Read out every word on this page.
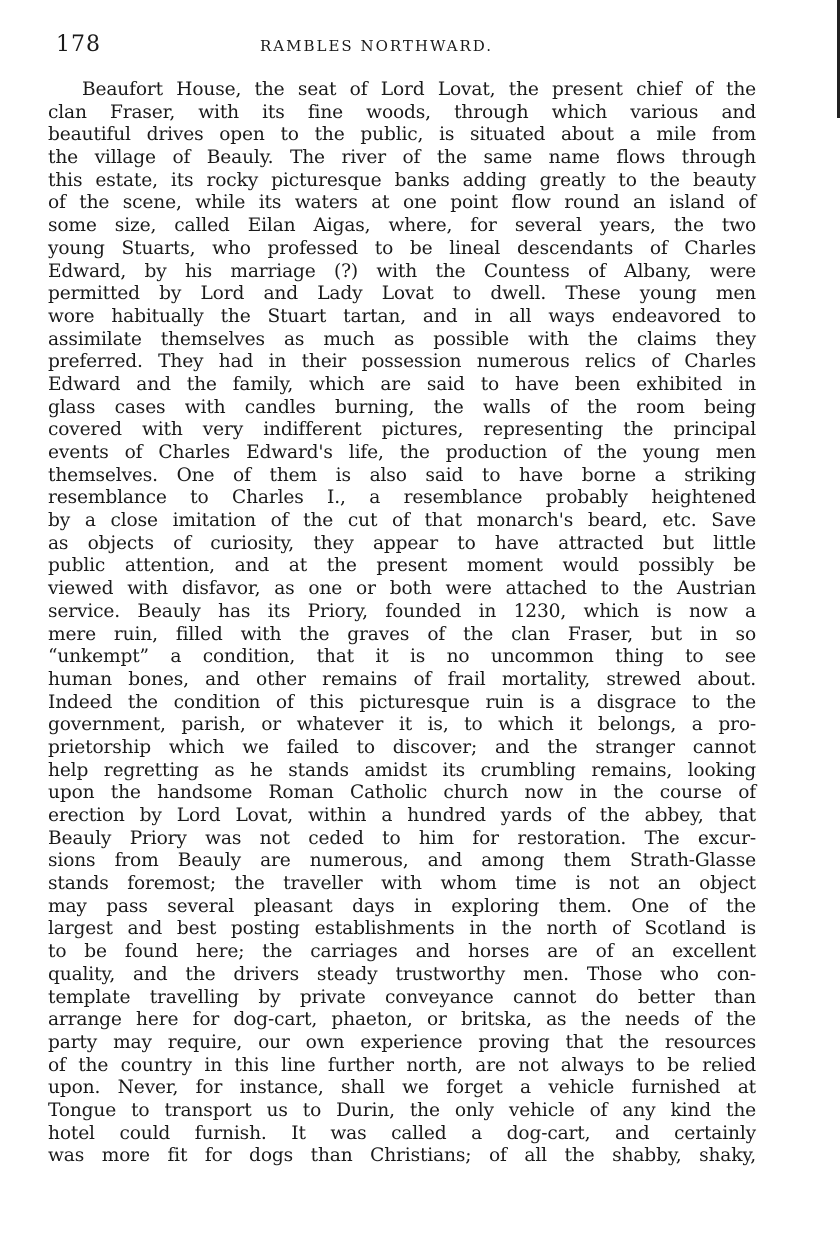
178	RAMBLES NORTHWARD.
Beaufort House, the seat of Lord Lovat, the present chief of the
clan Fraser, with its fine woods, through which various and
beautiful drives open to the public, is situated about a mile from
the village of Beauly. The river of the same name flows through
this estate, its rocky picturesque banks adding greatly to the beauty
of the scene, while its waters at one point flow round an island of
some size, called Eilan Aigas, where, for several years, the two
young Stuarts, who professed to be lineal descendants of Charles
Edward, by his marriage (?) with the Countess of Albany, were
permitted by Lord and Lady Lovat to dwell. These young men
wore habitually the Stuart tartan, and in all ways endeavored to
assimilate themselves as much as possible with the claims they
preferred. They had in their possession numerous relics of Charles
Edward and the family, which are said to have been exhibited in
glass cases with candles burning, the walls of the room being
covered with very indifferent pictures, representing the principal
events of Charles Edward's life, the production of the young men
themselves. One of them is also said to have borne a striking
resemblance to Charles I., a resemblance probably heightened
by a close imitation of the cut of that monarch's beard, etc. Save
as objects of curiosity, they appear to have attracted but little
public attention, and at the present moment would possibly be
viewed with disfavor, as one or both were attached to the Austrian
service. Beauly has its Priory, founded in 1230, which is now a
mere ruin, filled with the graves of the clan Fraser, but in so
“unkempt” a condition, that it is no uncommon thing to see
human bones, and other remains of frail mortality, strewed about.
Indeed the condition of this picturesque ruin is a disgrace to the
government, parish, or whatever it is, to which it belongs, a pro-
prietorship which we failed to discover; and the stranger cannot
help regretting as he stands amidst its crumbling remains, looking
upon the handsome Roman Catholic church now in the course of
erection by Lord Lovat, within a hundred yards of the abbey, that
Beauly Priory was not ceded to him for restoration. The excur-
sions from Beauly are numerous, and among them Strath-Glasse
stands foremost; the traveller with whom time is not an object
may pass several pleasant days in exploring them. One of the
largest and best posting establishments in the north of Scotland is
to be found here; the carriages and horses are of an excellent
quality, and the drivers steady trustworthy men. Those who con-
template travelling by private conveyance cannot do better than
arrange here for dog-cart, phaeton, or britska, as the needs of the
party may require, our own experience proving that the resources
of the country in this line further north, are not always to be relied
upon. Never, for instance, shall we forget a vehicle furnished at
Tongue to transport us to Durin, the only vehicle of any kind the
hotel could furnish. It was called a dog-cart, and certainly
was more fit for dogs than Christians; of all the shabby, shaky,
